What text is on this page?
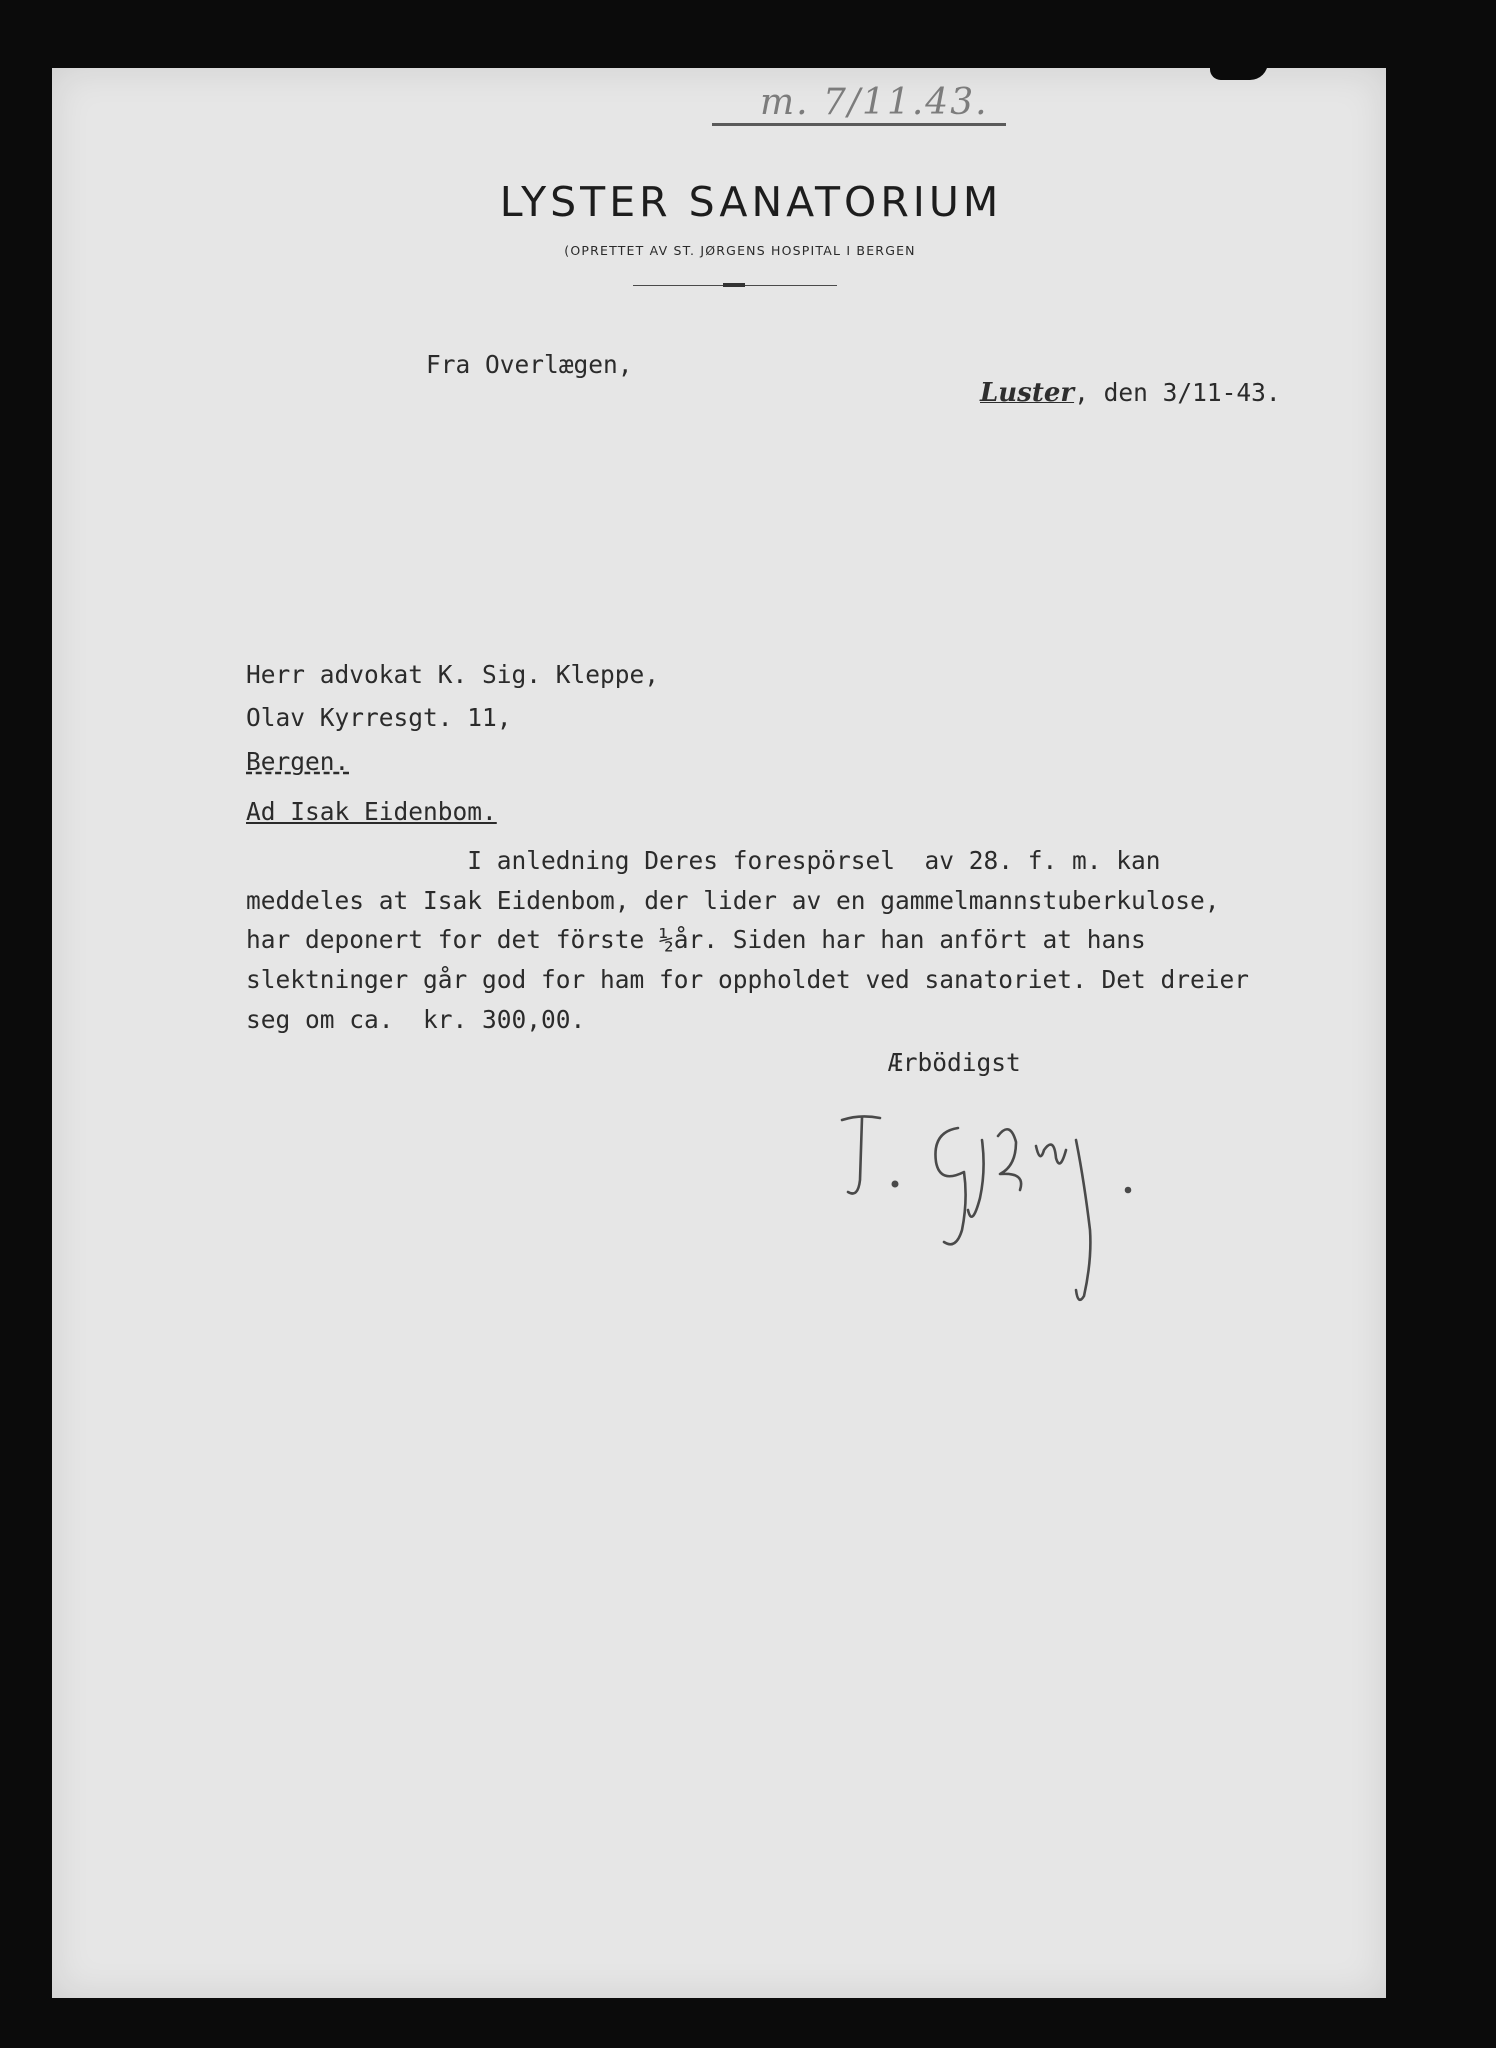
m. 7/11.43.
LYSTER SANATORIUM
(OPRETTET AV ST. JØRGENS HOSPITAL I BERGEN
Fra Overlægen,
Luster, den 3/11-43.
Herr advokat K. Sig. Kleppe,
Olav Kyrresgt. 11,
Bergen.
Ad Isak Eidenbom.
I anledning Deres forespörsel  av 28. f. m. kan
meddeles at Isak Eidenbom, der lider av en gammelmannstuberkulose,
har deponert for det förste ½år. Siden har han anfört at hans
slektninger går god for ham for oppholdet ved sanatoriet. Det dreier
seg om ca.  kr. 300,00.
Ærbödigst
